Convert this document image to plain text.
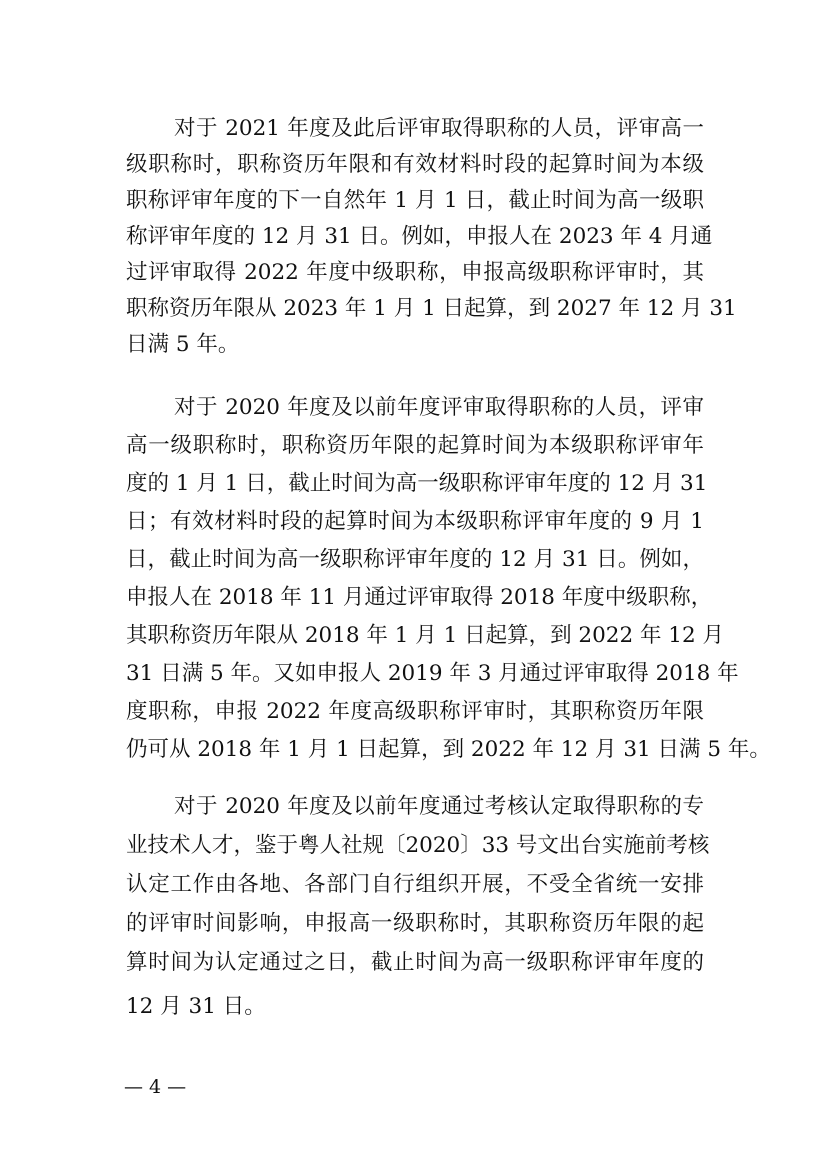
对于 2021 年度及此后评审取得职称的人员，评审高一
级职称时，职称资历年限和有效材料时段的起算时间为本级
职称评审年度的下一自然年 1 月 1 日，截止时间为高一级职
称评审年度的 12 月 31 日。例如，申报人在 2023 年 4 月通
过评审取得 2022 年度中级职称，申报高级职称评审时，其
职称资历年限从 2023 年 1 月 1 日起算，到 2027 年 12 月 31
日满 5 年。
对于 2020 年度及以前年度评审取得职称的人员，评审
高一级职称时，职称资历年限的起算时间为本级职称评审年
度的 1 月 1 日，截止时间为高一级职称评审年度的 12 月 31
日；有效材料时段的起算时间为本级职称评审年度的 9 月 1
日，截止时间为高一级职称评审年度的 12 月 31 日。例如，
申报人在 2018 年 11 月通过评审取得 2018 年度中级职称，
其职称资历年限从 2018 年 1 月 1 日起算，到 2022 年 12 月
31 日满 5 年。又如申报人 2019 年 3 月通过评审取得 2018 年
度职称，申报 2022 年度高级职称评审时，其职称资历年限
仍可从 2018 年 1 月 1 日起算，到 2022 年 12 月 31 日满 5 年。
对于 2020 年度及以前年度通过考核认定取得职称的专
业技术人才，鉴于粤人社规〔2020〕33 号文出台实施前考核
认定工作由各地、各部门自行组织开展，不受全省统一安排
的评审时间影响，申报高一级职称时，其职称资历年限的起
算时间为认定通过之日，截止时间为高一级职称评审年度的
12 月 31 日。
— 4 —
